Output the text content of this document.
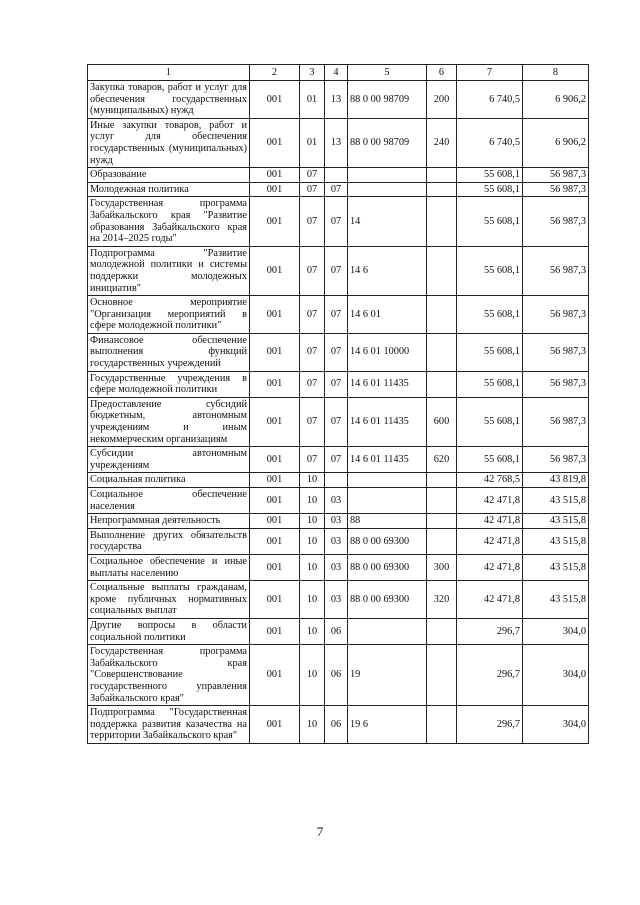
1	2	3	4	5	6	7	8
Закупка товаров, работ и услуг для обеспечения государственных (муниципальных) нужд	001	01	13	88 0 00 98709	200	6 740,5	6 906,2
Иные закупки товаров, работ и услуг для обеспечения государственных (муниципальных) нужд	001	01	13	88 0 00 98709	240	6 740,5	6 906,2
Образование	001	07				55 608,1	56 987,3
Молодежная политика	001	07	07			55 608,1	56 987,3
Государственная программа Забайкальского края "Развитие образования Забайкальского края на 2014–2025 годы"	001	07	07	14		55 608,1	56 987,3
Подпрограмма "Развитие молодежной политики и системы поддержки молодежных инициатив"	001	07	07	14 6		55 608,1	56 987,3
Основное мероприятие "Организация мероприятий в сфере молодежной политики"	001	07	07	14 6 01		55 608,1	56 987,3
Финансовое обеспечение выполнения функций государственных учреждений	001	07	07	14 6 01 10000		55 608,1	56 987,3
Государственные учреждения в сфере молодежной политики	001	07	07	14 6 01 11435		55 608,1	56 987,3
Предоставление субсидий бюджетным, автономным учреждениям и иным некоммерческим организациям	001	07	07	14 6 01 11435	600	55 608,1	56 987,3
Субсидии автономным учреждениям	001	07	07	14 6 01 11435	620	55 608,1	56 987,3
Социальная политика	001	10				42 768,5	43 819,8
Социальное обеспечение населения	001	10	03			42 471,8	43 515,8
Непрограммная деятельность	001	10	03	88		42 471,8	43 515,8
Выполнение других обязательств государства	001	10	03	88 0 00 69300		42 471,8	43 515,8
Социальное обеспечение и иные выплаты населению	001	10	03	88 0 00 69300	300	42 471,8	43 515,8
Социальные выплаты гражданам, кроме публичных нормативных социальных выплат	001	10	03	88 0 00 69300	320	42 471,8	43 515,8
Другие вопросы в области социальной политики	001	10	06			296,7	304,0
Государственная программа Забайкальского края "Совершенствование государственного управления Забайкальского края"	001	10	06	19		296,7	304,0
Подпрограмма "Государственная поддержка развития казачества на территории Забайкальского края"	001	10	06	19 6		296,7	304,0
7
